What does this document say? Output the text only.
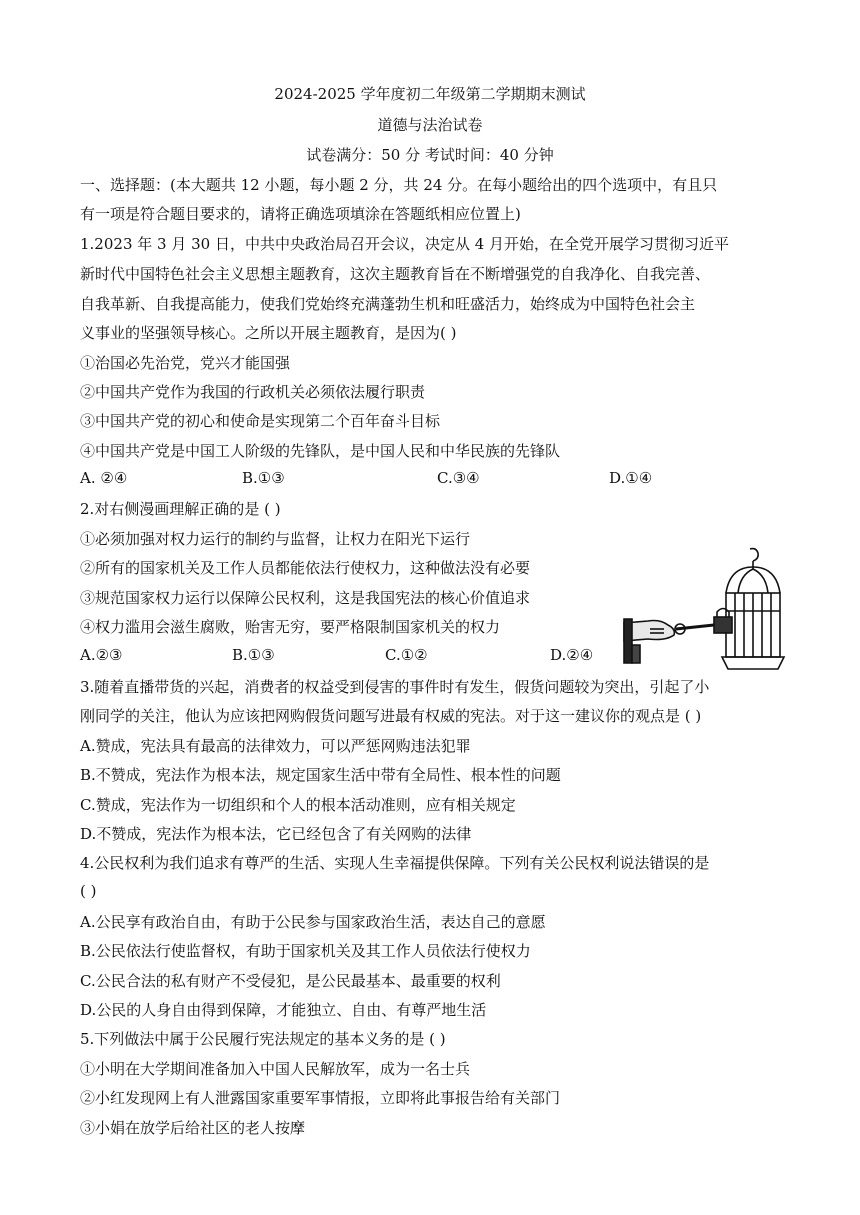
2024-2025 学年度初二年级第二学期期末测试
道德与法治试卷
试卷满分：50 分 考试时间：40 分钟
一、选择题：(本大题共 12 小题，每小题 2 分，共 24 分。在每小题给出的四个选项中，有且只
有一项是符合题目要求的，请将正确选项填涂在答题纸相应位置上)
1.2023 年 3 月 30 日，中共中央政治局召开会议，决定从 4 月开始，在全党开展学习贯彻习近平
新时代中国特色社会主义思想主题教育，这次主题教育旨在不断增强党的自我净化、自我完善、
自我革新、自我提高能力，使我们党始终充满蓬勃生机和旺盛活力，始终成为中国特色社会主
义事业的坚强领导核心。之所以开展主题教育，是因为( )
①治国必先治党，党兴才能国强
②中国共产党作为我国的行政机关必须依法履行职责
③中国共产党的初心和使命是实现第二个百年奋斗目标
④中国共产党是中国工人阶级的先锋队，是中国人民和中华民族的先锋队
A. ②④	B.①③	C.③④	D.①④
2.对右侧漫画理解正确的是 ( )
①必须加强对权力运行的制约与监督，让权力在阳光下运行
②所有的国家机关及工作人员都能依法行使权力，这种做法没有必要
③规范国家权力运行以保障公民权利，这是我国宪法的核心价值追求
④权力滥用会滋生腐败，贻害无穷，要严格限制国家机关的权力
A.②③	B.①③	C.①②	D.②④
3.随着直播带货的兴起，消费者的权益受到侵害的事件时有发生，假货问题较为突出，引起了小
刚同学的关注，他认为应该把网购假货问题写进最有权威的宪法。对于这一建议你的观点是 ( )
A.赞成，宪法具有最高的法律效力，可以严惩网购违法犯罪
B.不赞成，宪法作为根本法，规定国家生活中带有全局性、根本性的问题
C.赞成，宪法作为一切组织和个人的根本活动准则，应有相关规定
D.不赞成，宪法作为根本法，它已经包含了有关网购的法律
4.公民权利为我们追求有尊严的生活、实现人生幸福提供保障。下列有关公民权利说法错误的是
( )
A.公民享有政治自由，有助于公民参与国家政治生活，表达自己的意愿
B.公民依法行使监督权，有助于国家机关及其工作人员依法行使权力
C.公民合法的私有财产不受侵犯，是公民最基本、最重要的权利
D.公民的人身自由得到保障，才能独立、自由、有尊严地生活
5.下列做法中属于公民履行宪法规定的基本义务的是 ( )
①小明在大学期间准备加入中国人民解放军，成为一名士兵
②小红发现网上有人泄露国家重要军事情报，立即将此事报告给有关部门
③小娟在放学后给社区的老人按摩
